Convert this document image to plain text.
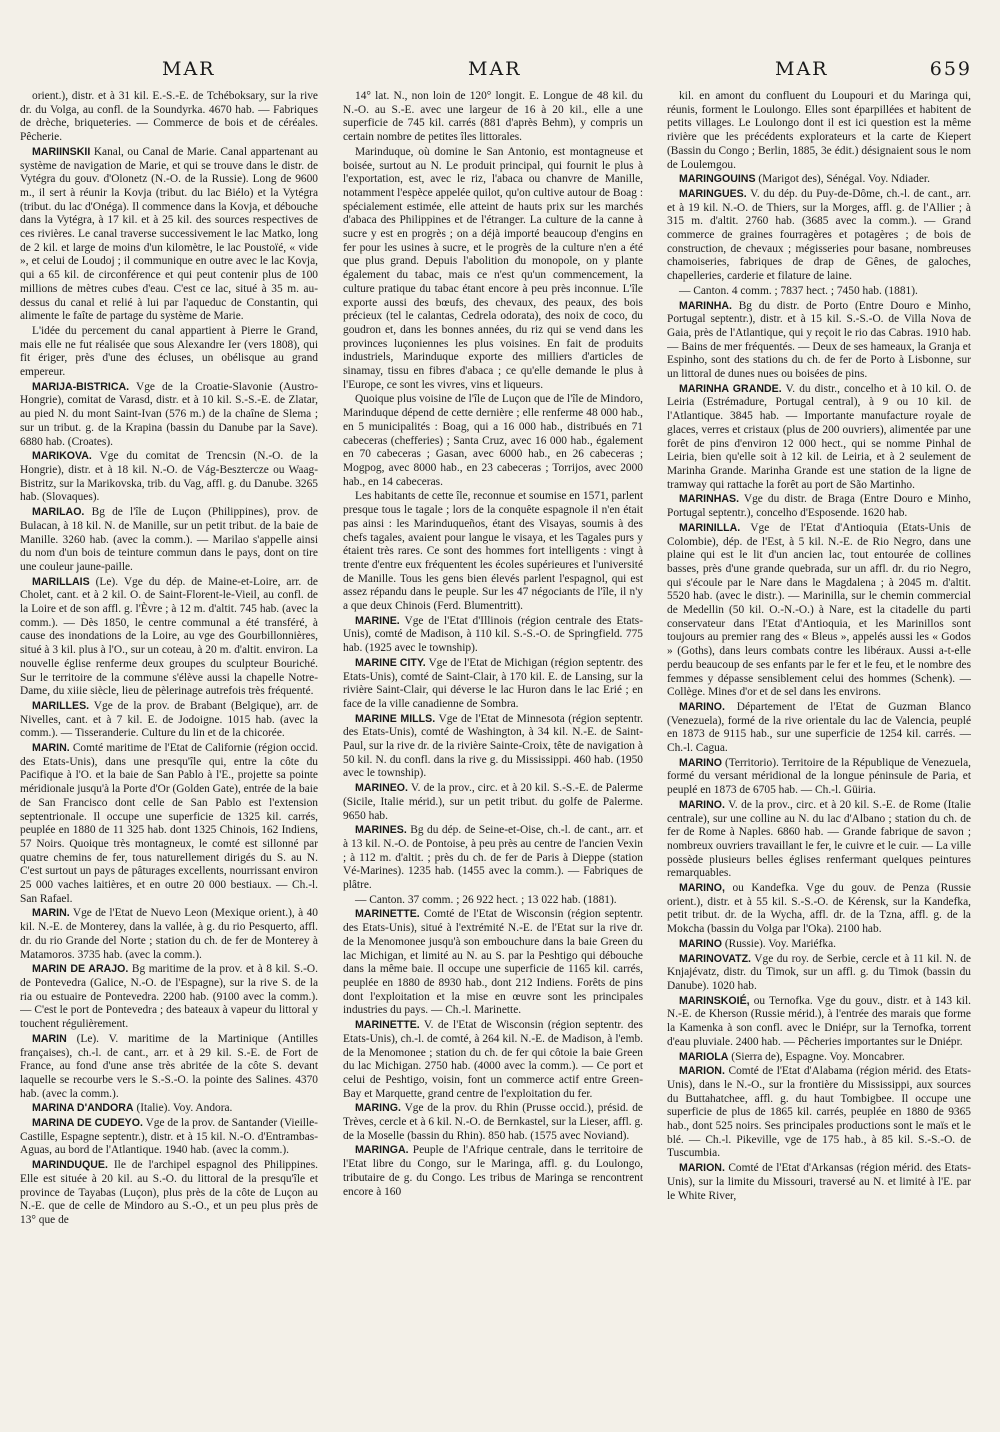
MAR	MAR	MAR	659

orient.), distr. et à 31 kil. E.-S.-E. de Tchéboksary, sur la rive dr. du Volga, au confl. de la Soundyrka. 4670 hab. — Fabriques de drèche, briqueteries. — Commerce de bois et de céréales. Pêcherie.

MARIINSKII Kanal, ou Canal de Marie. Canal appartenant au système de navigation de Marie, et qui se trouve dans le distr. de Vytégra du gouv. d'Olonetz (N.-O. de la Russie). Long de 9600 m., il sert à réunir la Kovja (tribut. du lac Biélo) et la Vytégra (tribut. du lac d'Onéga). Il commence dans la Kovja, et débouche dans la Vytégra, à 17 kil. et à 25 kil. des sources respectives de ces rivières. Le canal traverse successivement le lac Matko, long de 2 kil. et large de moins d'un kilomètre, le lac Poustoïé, « vide », et celui de Loudoj ; il communique en outre avec le lac Kovja, qui a 65 kil. de circonférence et qui peut contenir plus de 100 millions de mètres cubes d'eau. C'est ce lac, situé à 35 m. au-dessus du canal et relié à lui par l'aqueduc de Constantin, qui alimente le faîte de partage du système de Marie.

L'idée du percement du canal appartient à Pierre le Grand, mais elle ne fut réalisée que sous Alexandre Ier (vers 1808), qui fit ériger, près d'une des écluses, un obélisque au grand empereur.

MARIJA-BISTRICA. Vge de la Croatie-Slavonie (Austro-Hongrie), comitat de Varasd, distr. et à 10 kil. S.-S.-E. de Zlatar, au pied N. du mont Saint-Ivan (576 m.) de la chaîne de Slema ; sur un tribut. g. de la Krapina (bassin du Danube par la Save). 6880 hab. (Croates).

MARIKOVA. Vge du comitat de Trencsin (N.-O. de la Hongrie), distr. et à 18 kil. N.-O. de Vág-Besztercze ou Waag-Bistritz, sur la Marikovska, trib. du Vag, affl. g. du Danube. 3265 hab. (Slovaques).

MARILAO. Bg de l'île de Luçon (Philippines), prov. de Bulacan, à 18 kil. N. de Manille, sur un petit tribut. de la baie de Manille. 3260 hab. (avec la comm.). — Marilao s'appelle ainsi du nom d'un bois de teinture commun dans le pays, dont on tire une couleur jaune-paille.

MARILLAIS (Le). Vge du dép. de Maine-et-Loire, arr. de Cholet, cant. et à 2 kil. O. de Saint-Florent-le-Vieil, au confl. de la Loire et de son affl. g. l'Èvre ; à 12 m. d'altit. 745 hab. (avec la comm.). — Dès 1850, le centre communal a été transféré, à cause des inondations de la Loire, au vge des Gourbillonnières, situé à 3 kil. plus à l'O., sur un coteau, à 20 m. d'altit. environ. La nouvelle église renferme deux groupes du sculpteur Bouriché. Sur le territoire de la commune s'élève aussi la chapelle Notre-Dame, du xiiie siècle, lieu de pèlerinage autrefois très fréquenté.

MARILLES. Vge de la prov. de Brabant (Belgique), arr. de Nivelles, cant. et à 7 kil. E. de Jodoigne. 1015 hab. (avec la comm.). — Tisseranderie. Culture du lin et de la chicorée.

MARIN. Comté maritime de l'Etat de Californie (région occid. des Etats-Unis), dans une presqu'île qui, entre la côte du Pacifique à l'O. et la baie de San Pablo à l'E., projette sa pointe méridionale jusqu'à la Porte d'Or (Golden Gate), entrée de la baie de San Francisco dont celle de San Pablo est l'extension septentrionale. Il occupe une superficie de 1325 kil. carrés, peuplée en 1880 de 11 325 hab. dont 1325 Chinois, 162 Indiens, 57 Noirs. Quoique très montagneux, le comté est sillonné par quatre chemins de fer, tous naturellement dirigés du S. au N. C'est surtout un pays de pâturages excellents, nourrissant environ 25 000 vaches laitières, et en outre 20 000 bestiaux. — Ch.-l. San Rafael.

MARIN. Vge de l'Etat de Nuevo Leon (Mexique orient.), à 40 kil. N.-E. de Monterey, dans la vallée, à g. du rio Pesquerto, affl. dr. du rio Grande del Norte ; station du ch. de fer de Monterey à Matamoros. 3735 hab. (avec la comm.).

MARIN DE ARAJO. Bg maritime de la prov. et à 8 kil. S.-O. de Pontevedra (Galice, N.-O. de l'Espagne), sur la rive S. de la ria ou estuaire de Pontevedra. 2200 hab. (9100 avec la comm.). — C'est le port de Pontevedra ; des bateaux à vapeur du littoral y touchent régulièrement.

MARIN (Le). V. maritime de la Martinique (Antilles françaises), ch.-l. de cant., arr. et à 29 kil. S.-E. de Fort de France, au fond d'une anse très abritée de la côte S. devant laquelle se recourbe vers le S.-S.-O. la pointe des Salines. 4370 hab. (avec la comm.).

MARINA D'ANDORA (Italie). Voy. Andora.

MARINA DE CUDEYO. Vge de la prov. de Santander (Vieille-Castille, Espagne septentr.), distr. et à 15 kil. N.-O. d'Entrambas-Aguas, au bord de l'Atlantique. 1940 hab. (avec la comm.).

MARINDUQUE. Ile de l'archipel espagnol des Philippines. Elle est située à 20 kil. au S.-O. du littoral de la presqu'île et province de Tayabas (Luçon), plus près de la côte de Luçon au N.-E. que de celle de Mindoro au S.-O., et un peu plus près de 13° que de

14° lat. N., non loin de 120° longit. E. Longue de 48 kil. du N.-O. au S.-E. avec une largeur de 16 à 20 kil., elle a une superficie de 745 kil. carrés (881 d'après Behm), y compris un certain nombre de petites îles littorales.

Marinduque, où domine le San Antonio, est montagneuse et boisée, surtout au N. Le produit principal, qui fournit le plus à l'exportation, est, avec le riz, l'abaca ou chanvre de Manille, notamment l'espèce appelée quilot, qu'on cultive autour de Boag : spécialement estimée, elle atteint de hauts prix sur les marchés d'abaca des Philippines et de l'étranger. La culture de la canne à sucre y est en progrès ; on a déjà importé beaucoup d'engins en fer pour les usines à sucre, et le progrès de la culture n'en a été que plus grand. Depuis l'abolition du monopole, on y plante également du tabac, mais ce n'est qu'un commencement, la culture pratique du tabac étant encore à peu près inconnue. L'île exporte aussi des bœufs, des chevaux, des peaux, des bois précieux (tel le calantas, Cedrela odorata), des noix de coco, du goudron et, dans les bonnes années, du riz qui se vend dans les provinces luçoniennes les plus voisines. En fait de produits industriels, Marinduque exporte des milliers d'articles de sinamay, tissu en fibres d'abaca ; ce qu'elle demande le plus à l'Europe, ce sont les vivres, vins et liqueurs.

Quoique plus voisine de l'île de Luçon que de l'île de Mindoro, Marinduque dépend de cette dernière ; elle renferme 48 000 hab., en 5 municipalités : Boag, qui a 16 000 hab., distribués en 71 cabeceras (chefferies) ; Santa Cruz, avec 16 000 hab., également en 70 cabeceras ; Gasan, avec 6000 hab., en 26 cabeceras ; Mogpog, avec 8000 hab., en 23 cabeceras ; Torrijos, avec 2000 hab., en 14 cabeceras.

Les habitants de cette île, reconnue et soumise en 1571, parlent presque tous le tagale ; lors de la conquête espagnole il n'en était pas ainsi : les Marinduqueños, étant des Visayas, soumis à des chefs tagales, avaient pour langue le visaya, et les Tagales purs y étaient très rares. Ce sont des hommes fort intelligents : vingt à trente d'entre eux fréquentent les écoles supérieures et l'université de Manille. Tous les gens bien élevés parlent l'espagnol, qui est assez répandu dans le peuple. Sur les 47 négociants de l'île, il n'y a que deux Chinois (Ferd. Blumentritt).

MARINE. Vge de l'Etat d'Illinois (région centrale des Etats-Unis), comté de Madison, à 110 kil. S.-S.-O. de Springfield. 775 hab. (1925 avec le township).

MARINE CITY. Vge de l'Etat de Michigan (région septentr. des Etats-Unis), comté de Saint-Clair, à 170 kil. E. de Lansing, sur la rivière Saint-Clair, qui déverse le lac Huron dans le lac Erié ; en face de la ville canadienne de Sombra.

MARINE MILLS. Vge de l'Etat de Minnesota (région septentr. des Etats-Unis), comté de Washington, à 34 kil. N.-E. de Saint-Paul, sur la rive dr. de la rivière Sainte-Croix, tête de navigation à 50 kil. N. du confl. dans la rive g. du Mississippi. 460 hab. (1950 avec le township).

MARINEO. V. de la prov., circ. et à 20 kil. S.-S.-E. de Palerme (Sicile, Italie mérid.), sur un petit tribut. du golfe de Palerme. 9650 hab.

MARINES. Bg du dép. de Seine-et-Oise, ch.-l. de cant., arr. et à 13 kil. N.-O. de Pontoise, à peu près au centre de l'ancien Vexin ; à 112 m. d'altit. ; près du ch. de fer de Paris à Dieppe (station Vé-Marines). 1235 hab. (1455 avec la comm.). — Fabriques de plâtre.

— Canton. 37 comm. ; 26 922 hect. ; 13 022 hab. (1881).

MARINETTE. Comté de l'Etat de Wisconsin (région septentr. des Etats-Unis), situé à l'extrémité N.-E. de l'Etat sur la rive dr. de la Menomonee jusqu'à son embouchure dans la baie Green du lac Michigan, et limité au N. au S. par la Peshtigo qui débouche dans la même baie. Il occupe une superficie de 1165 kil. carrés, peuplée en 1880 de 8930 hab., dont 212 Indiens. Forêts de pins dont l'exploitation et la mise en œuvre sont les principales industries du pays. — Ch.-l. Marinette.

MARINETTE. V. de l'Etat de Wisconsin (région septentr. des Etats-Unis), ch.-l. de comté, à 264 kil. N.-E. de Madison, à l'emb. de la Menomonee ; station du ch. de fer qui côtoie la baie Green du lac Michigan. 2750 hab. (4000 avec la comm.). — Ce port et celui de Peshtigo, voisin, font un commerce actif entre Green-Bay et Marquette, grand centre de l'exploitation du fer.

MARING. Vge de la prov. du Rhin (Prusse occid.), présid. de Trèves, cercle et à 6 kil. N.-O. de Bernkastel, sur la Lieser, affl. g. de la Moselle (bassin du Rhin). 850 hab. (1575 avec Noviand).

MARINGA. Peuple de l'Afrique centrale, dans le territoire de l'Etat libre du Congo, sur le Maringa, affl. g. du Loulongo, tributaire de g. du Congo. Les tribus de Maringa se rencontrent encore à 160

kil. en amont du confluent du Loupouri et du Maringa qui, réunis, forment le Loulongo. Elles sont éparpillées et habitent de petits villages. Le Loulongo dont il est ici question est la même rivière que les précédents explorateurs et la carte de Kiepert (Bassin du Congo ; Berlin, 1885, 3e édit.) désignaient sous le nom de Loulemgou.

MARINGOUINS (Marigot des), Sénégal. Voy. Ndiader.

MARINGUES. V. du dép. du Puy-de-Dôme, ch.-l. de cant., arr. et à 19 kil. N.-O. de Thiers, sur la Morges, affl. g. de l'Allier ; à 315 m. d'altit. 2760 hab. (3685 avec la comm.). — Grand commerce de graines fourragères et potagères ; de bois de construction, de chevaux ; mégisseries pour basane, nombreuses chamoiseries, fabriques de drap de Gênes, de galoches, chapelleries, carderie et filature de laine.

— Canton. 4 comm. ; 7837 hect. ; 7450 hab. (1881).

MARINHA. Bg du distr. de Porto (Entre Douro e Minho, Portugal septentr.), distr. et à 15 kil. S.-S.-O. de Villa Nova de Gaia, près de l'Atlantique, qui y reçoit le rio das Cabras. 1910 hab. — Bains de mer fréquentés. — Deux de ses hameaux, la Granja et Espinho, sont des stations du ch. de fer de Porto à Lisbonne, sur un littoral de dunes nues ou boisées de pins.

MARINHA GRANDE. V. du distr., concelho et à 10 kil. O. de Leiria (Estrémadure, Portugal central), à 9 ou 10 kil. de l'Atlantique. 3845 hab. — Importante manufacture royale de glaces, verres et cristaux (plus de 200 ouvriers), alimentée par une forêt de pins d'environ 12 000 hect., qui se nomme Pinhal de Leiria, bien qu'elle soit à 12 kil. de Leiria, et à 2 seulement de Marinha Grande. Marinha Grande est une station de la ligne de tramway qui rattache la forêt au port de São Martinho.

MARINHAS. Vge du distr. de Braga (Entre Douro e Minho, Portugal septentr.), concelho d'Esposende. 1620 hab.

MARINILLA. Vge de l'Etat d'Antioquia (Etats-Unis de Colombie), dép. de l'Est, à 5 kil. N.-E. de Rio Negro, dans une plaine qui est le lit d'un ancien lac, tout entourée de collines basses, près d'une grande quebrada, sur un affl. dr. du rio Negro, qui s'écoule par le Nare dans le Magdalena ; à 2045 m. d'altit. 5520 hab. (avec le distr.). — Marinilla, sur le chemin commercial de Medellin (50 kil. O.-N.-O.) à Nare, est la citadelle du parti conservateur dans l'Etat d'Antioquia, et les Marinillos sont toujours au premier rang des « Bleus », appelés aussi les « Godos » (Goths), dans leurs combats contre les libéraux. Aussi a-t-elle perdu beaucoup de ses enfants par le fer et le feu, et le nombre des femmes y dépasse sensiblement celui des hommes (Schenk). — Collège. Mines d'or et de sel dans les environs.

MARINO. Département de l'Etat de Guzman Blanco (Venezuela), formé de la rive orientale du lac de Valencia, peuplé en 1873 de 9115 hab., sur une superficie de 1254 kil. carrés. — Ch.-l. Cagua.

MARINO (Territorio). Territoire de la République de Venezuela, formé du versant méridional de la longue péninsule de Paria, et peuplé en 1873 de 6705 hab. — Ch.-l. Güiria.

MARINO. V. de la prov., circ. et à 20 kil. S.-E. de Rome (Italie centrale), sur une colline au N. du lac d'Albano ; station du ch. de fer de Rome à Naples. 6860 hab. — Grande fabrique de savon ; nombreux ouvriers travaillant le fer, le cuivre et le cuir. — La ville possède plusieurs belles églises renfermant quelques peintures remarquables.

MARINO, ou Kandefka. Vge du gouv. de Penza (Russie orient.), distr. et à 55 kil. S.-S.-O. de Kérensk, sur la Kandefka, petit tribut. dr. de la Wycha, affl. dr. de la Tzna, affl. g. de la Mokcha (bassin du Volga par l'Oka). 2100 hab.

MARINO (Russie). Voy. Mariéfka.

MARINOVATZ. Vge du roy. de Serbie, cercle et à 11 kil. N. de Knjajévatz, distr. du Timok, sur un affl. g. du Timok (bassin du Danube). 1020 hab.

MARINSKOIÉ, ou Ternofka. Vge du gouv., distr. et à 143 kil. N.-E. de Kherson (Russie mérid.), à l'entrée des marais que forme la Kamenka à son confl. avec le Dniépr, sur la Ternofka, torrent d'eau pluviale. 2400 hab. — Pêcheries importantes sur le Dniépr.

MARIOLA (Sierra de), Espagne. Voy. Moncabrer.

MARION. Comté de l'Etat d'Alabama (région mérid. des Etats-Unis), dans le N.-O., sur la frontière du Mississippi, aux sources du Buttahatchee, affl. g. du haut Tombigbee. Il occupe une superficie de plus de 1865 kil. carrés, peuplée en 1880 de 9365 hab., dont 525 noirs. Ses principales productions sont le maïs et le blé. — Ch.-l. Pikeville, vge de 175 hab., à 85 kil. S.-S.-O. de Tuscumbia.

MARION. Comté de l'Etat d'Arkansas (région mérid. des Etats-Unis), sur la limite du Missouri, traversé au N. et limité à l'E. par le White River,
